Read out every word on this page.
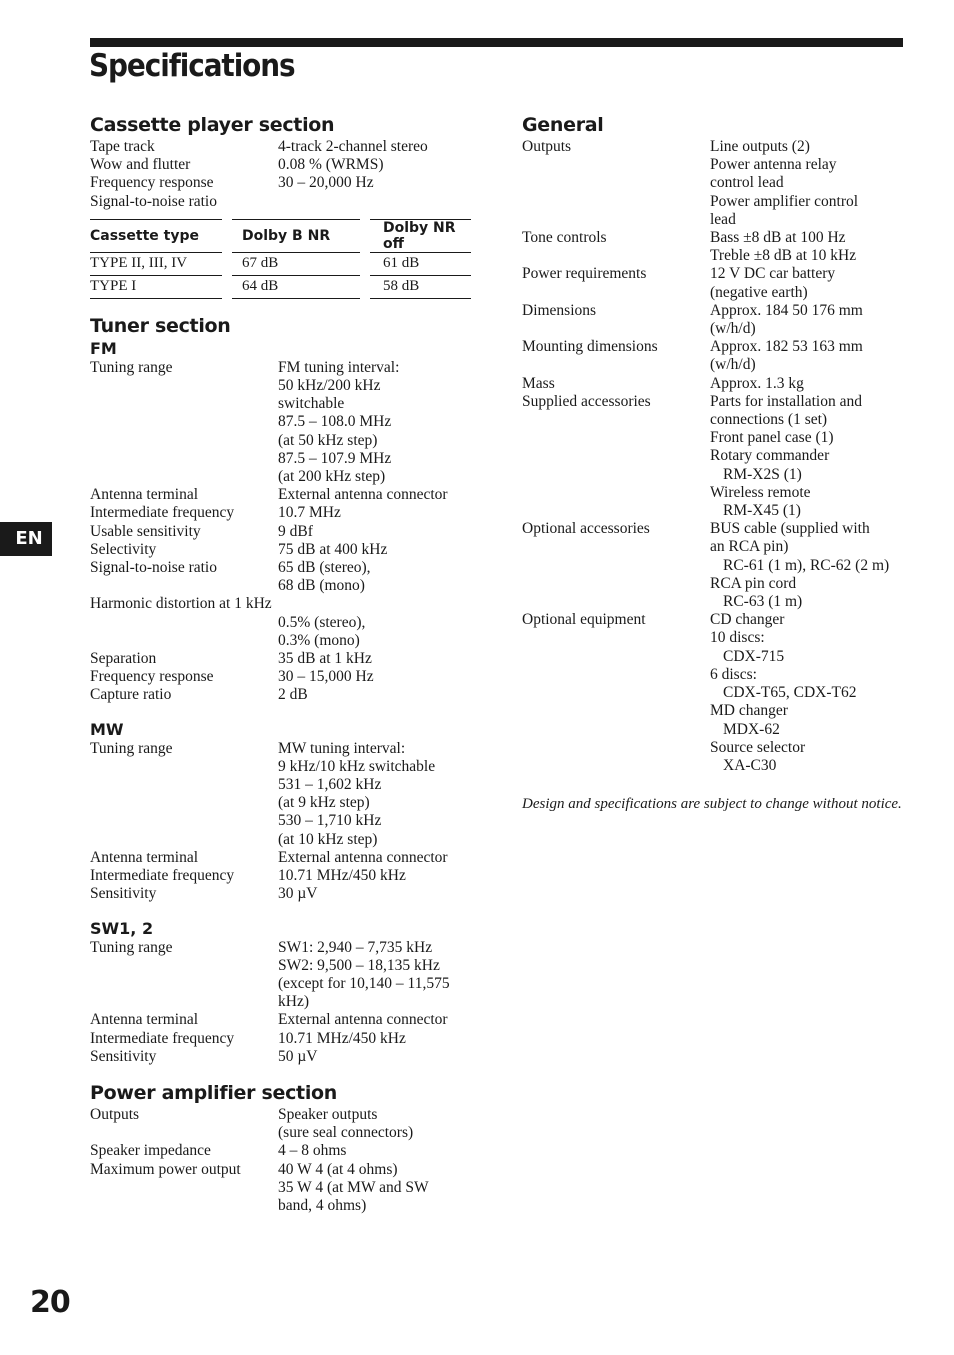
Specifications
Cassette player section
Tape track	4-track 2-channel stereo
Wow and flutter	0.08 % (WRMS)
Frequency response	30 – 20,000 Hz
Signal-to-noise ratio
Cassette type		Dolby B NR		Dolby NR off
TYPE II, III, IV		67 dB		61 dB
TYPE I		64 dB		58 dB
Tuner section
FM
Tuning range	FM tuning interval:
50 kHz/200 kHz
switchable
87.5 – 108.0 MHz
(at 50 kHz step)
87.5 – 107.9 MHz
(at 200 kHz step)
Antenna terminal	External antenna connector
Intermediate frequency	10.7 MHz
Usable sensitivity	9 dBf
Selectivity	75 dB at 400 kHz
Signal-to-noise ratio	65 dB (stereo),
68 dB (mono)
Harmonic distortion at 1 kHz
0.5% (stereo),
0.3% (mono)
Separation	35 dB at 1 kHz
Frequency response	30 – 15,000 Hz
Capture ratio	2 dB
MW
Tuning range	MW tuning interval:
9 kHz/10 kHz switchable
531 – 1,602 kHz
(at 9 kHz step)
530 – 1,710 kHz
(at 10 kHz step)
Antenna terminal	External antenna connector
Intermediate frequency	10.71 MHz/450 kHz
Sensitivity	30 µV
SW1, 2
Tuning range	SW1: 2,940 – 7,735 kHz
SW2: 9,500 – 18,135 kHz
(except for 10,140 – 11,575
kHz)
Antenna terminal	External antenna connector
Intermediate frequency	10.71 MHz/450 kHz
Sensitivity	50 µV
Power amplifier section
Outputs	Speaker outputs
(sure seal connectors)
Speaker impedance	4 – 8 ohms
Maximum power output	40 W 4 (at 4 ohms)
35 W 4 (at MW and SW
band, 4 ohms)
General
Outputs	Line outputs (2)
Power antenna relay
control lead
Power amplifier control
lead
Tone controls	Bass ±8 dB at 100 Hz
Treble ±8 dB at 10 kHz
Power requirements	12 V DC car battery
(negative earth)
Dimensions	Approx. 184 50 176 mm
(w/h/d)
Mounting dimensions	Approx. 182 53 163 mm
(w/h/d)
Mass	Approx. 1.3 kg
Supplied accessories	Parts for installation and
connections (1 set)
Front panel case (1)
Rotary commander
RM-X2S (1)
Wireless remote
RM-X45 (1)
Optional accessories	BUS cable (supplied with
an RCA pin)
RC-61 (1 m), RC-62 (2 m)
RCA pin cord
RC-63 (1 m)
Optional equipment	CD changer
10 discs:
CDX-715
6 discs:
CDX-T65, CDX-T62
MD changer
MDX-62
Source selector
XA-C30
Design and specifications are subject to change without notice.
EN
20
